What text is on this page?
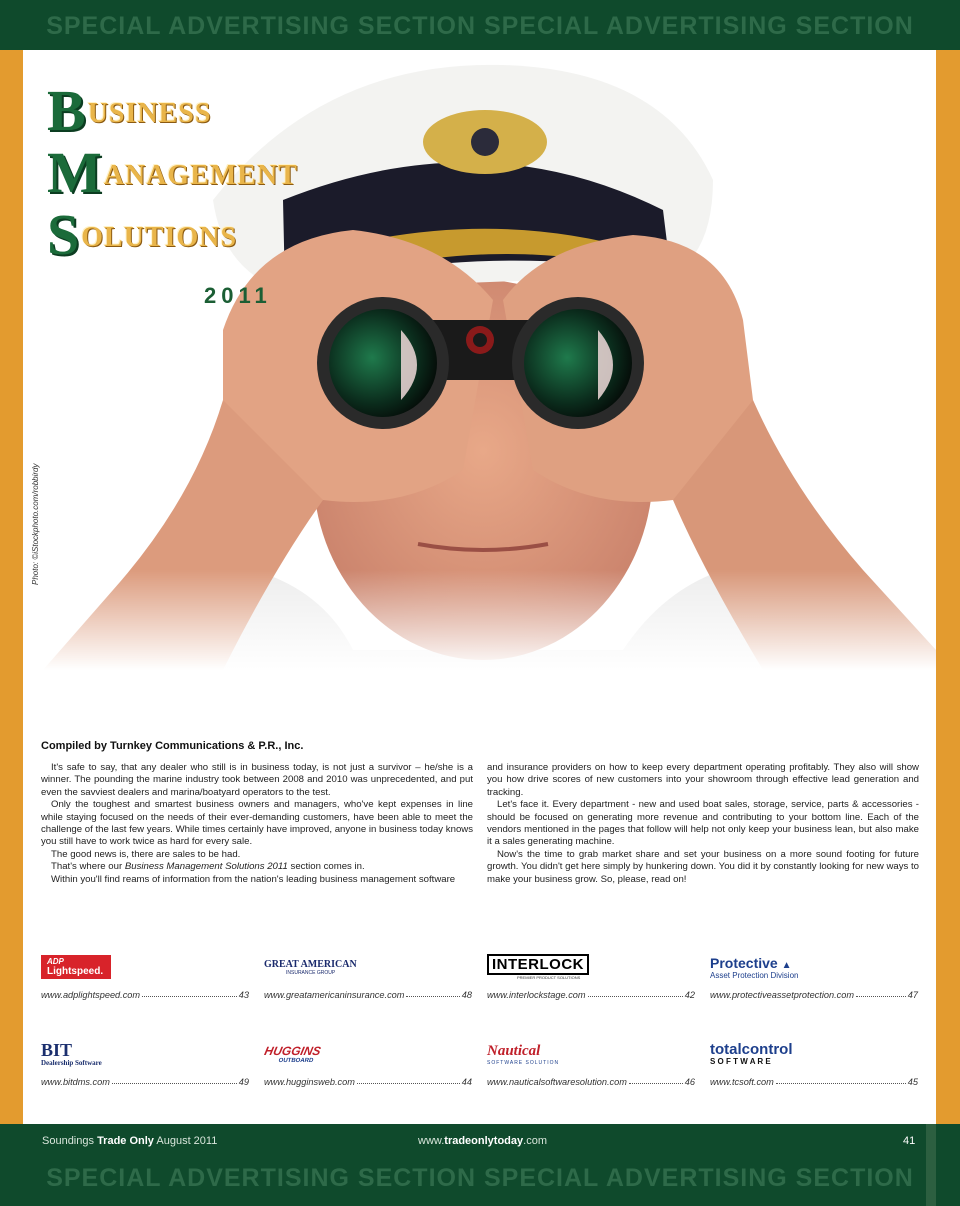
SPECIAL ADVERTISING SECTION SPECIAL ADVERTISING SECTION
B USINESS
M ANAGEMENT
S OLUTIONS
2011
Photo: ©iStockphoto.com/robbirdy
Compiled by Turnkey Communications & P.R., Inc.

It's safe to say, that any dealer who still is in business today, is not just a survivor – he/she is a winner. The pounding the marine industry took between 2008 and 2010 was unprecedented, and put even the savviest dealers and marina/boatyard operators to the test.

Only the toughest and smartest business owners and managers, who've kept expenses in line while staying focused on the needs of their ever-demanding customers, have been able to meet the challenge of the last few years. While times certainly have improved, anyone in business today knows you still have to work twice as hard for every sale.

The good news is, there are sales to be had.

That's where our Business Management Solutions 2011 section comes in.

Within you'll find reams of information from the nation's leading business management software

and insurance providers on how to keep every department operating profitably. They also will show you how drive scores of new customers into your showroom through effective lead generation and tracking.

Let's face it. Every department - new and used boat sales, storage, service, parts & accessories - should be focused on generating more revenue and contributing to your bottom line. Each of the vendors mentioned in the pages that follow will help not only keep your business lean, but also make it a sales generating machine.

Now's the time to grab market share and set your business on a more sound footing for future growth. You didn't get here simply by hunkering down. You did it by constantly looking for new ways to make your business grow. So, please, read on!

ADP
Lightspeed.
www.adplightspeed.com	43
GREAT AMERICAN
INSURANCE GROUP
www.greatamericaninsurance.com	48
INTERLOCK
PREMIER PRODUCT SOLUTIONS
www.interlockstage.com	42
Protective ▲
Asset Protection Division
www.protectiveassetprotection.com	47
BIT
Dealership Software
www.bitdms.com	49
HUGGINS
OUTBOARD
www.hugginsweb.com	44
Nautical
SOFTWARE SOLUTION
www.nauticalsoftwaresolution.com	46
totalcontrol
S O F T W A R E
www.tcsoft.com	45
Soundings Trade Only August 2011	www.tradeonlytoday.com	41
SPECIAL ADVERTISING SECTION SPECIAL ADVERTISING SECTION
